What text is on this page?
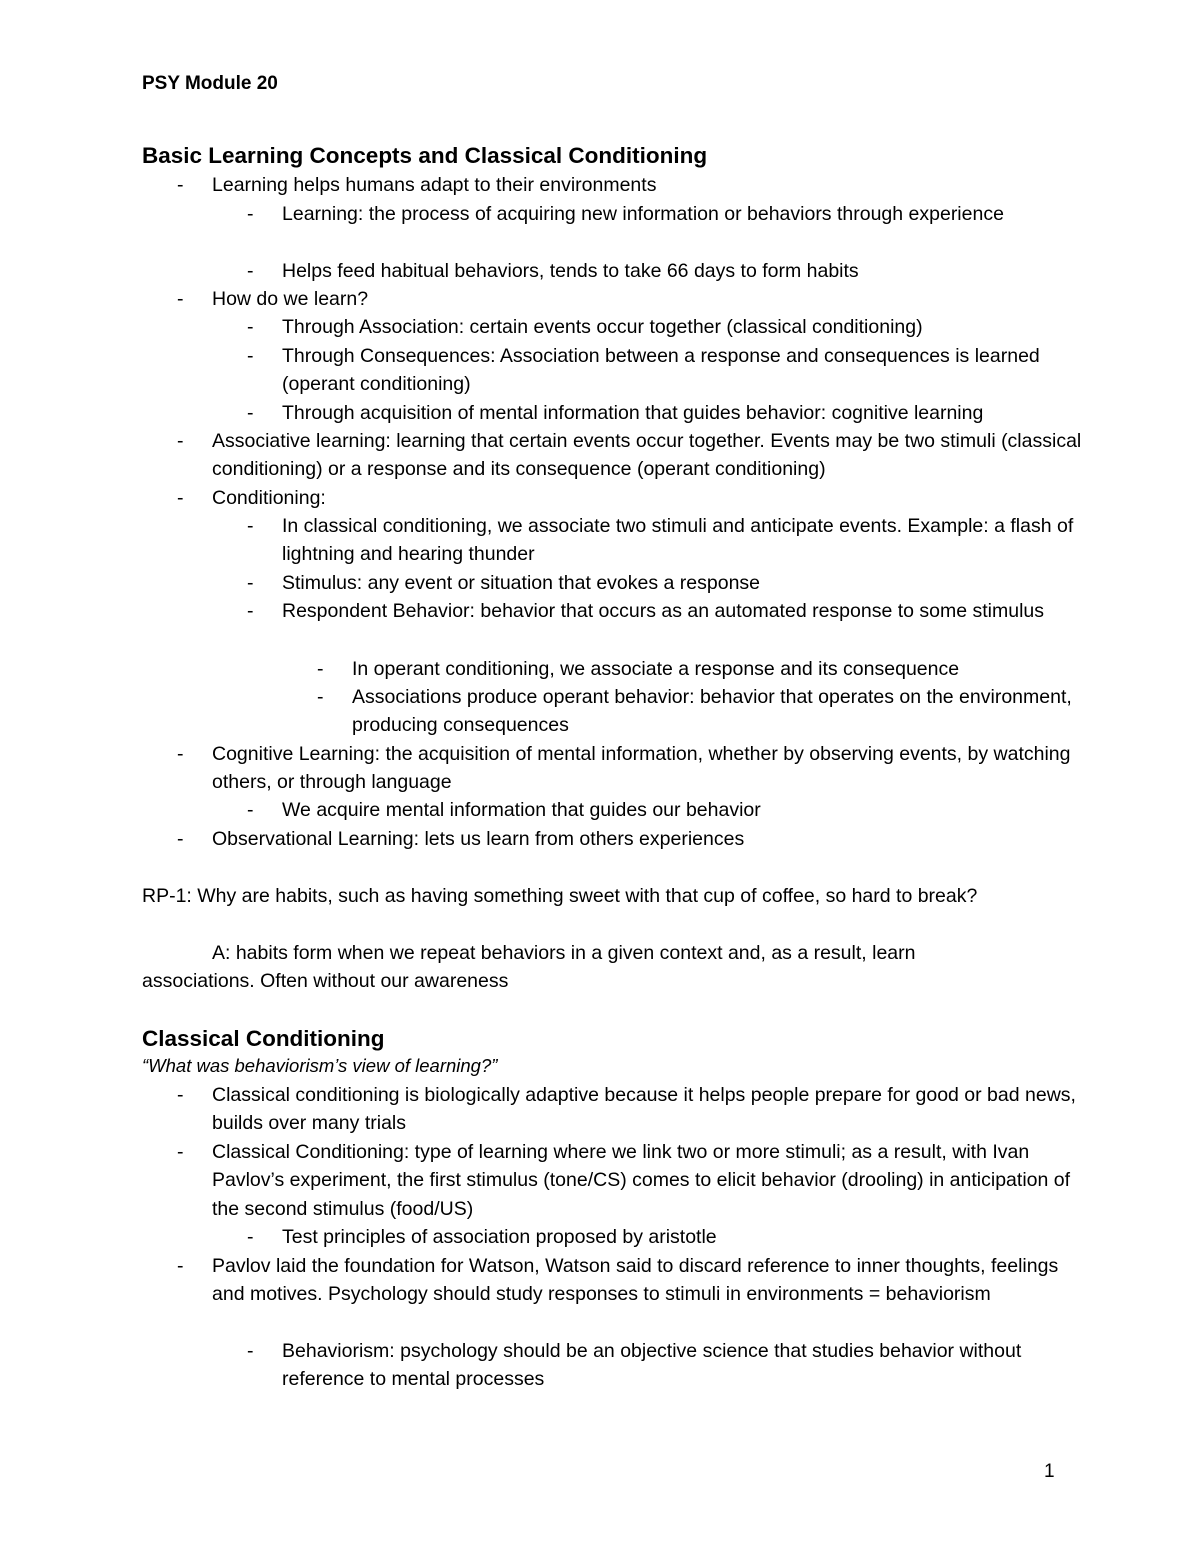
PSY Module 20
Basic Learning Concepts and Classical Conditioning
- Learning helps humans adapt to their environments
- Learning: the process of acquiring new information or behaviors through experience
- Helps feed habitual behaviors, tends to take 66 days to form habits
- How do we learn?
- Through Association: certain events occur together (classical conditioning)
- Through Consequences: Association between a response and consequences is learned (operant conditioning)
- Through acquisition of mental information that guides behavior: cognitive learning
- Associative learning: learning that certain events occur together. Events may be two stimuli (classical conditioning) or a response and its consequence (operant conditioning)
- Conditioning:
- In classical conditioning, we associate two stimuli and anticipate events. Example: a flash of lightning and hearing thunder
- Stimulus: any event or situation that evokes a response
- Respondent Behavior: behavior that occurs as an automated response to some stimulus
- In operant conditioning, we associate a response and its consequence
- Associations produce operant behavior: behavior that operates on the environment, producing consequences
- Cognitive Learning: the acquisition of mental information, whether by observing events, by watching others, or through language
- We acquire mental information that guides our behavior
- Observational Learning: lets us learn from others experiences
RP-1: Why are habits, such as having something sweet with that cup of coffee, so hard to break?
A: habits form when we repeat behaviors in a given context and, as a result, learn
associations. Often without our awareness
Classical Conditioning
“What was behaviorism’s view of learning?”
- Classical conditioning is biologically adaptive because it helps people prepare for good or bad news, builds over many trials
- Classical Conditioning: type of learning where we link two or more stimuli; as a result, with Ivan Pavlov’s experiment, the first stimulus (tone/CS) comes to elicit behavior (drooling) in anticipation of the second stimulus (food/US)
- Test principles of association proposed by aristotle
- Pavlov laid the foundation for Watson, Watson said to discard reference to inner thoughts, feelings and motives. Psychology should study responses to stimuli in environments = behaviorism
- Behaviorism: psychology should be an objective science that studies behavior without reference to mental processes
1
